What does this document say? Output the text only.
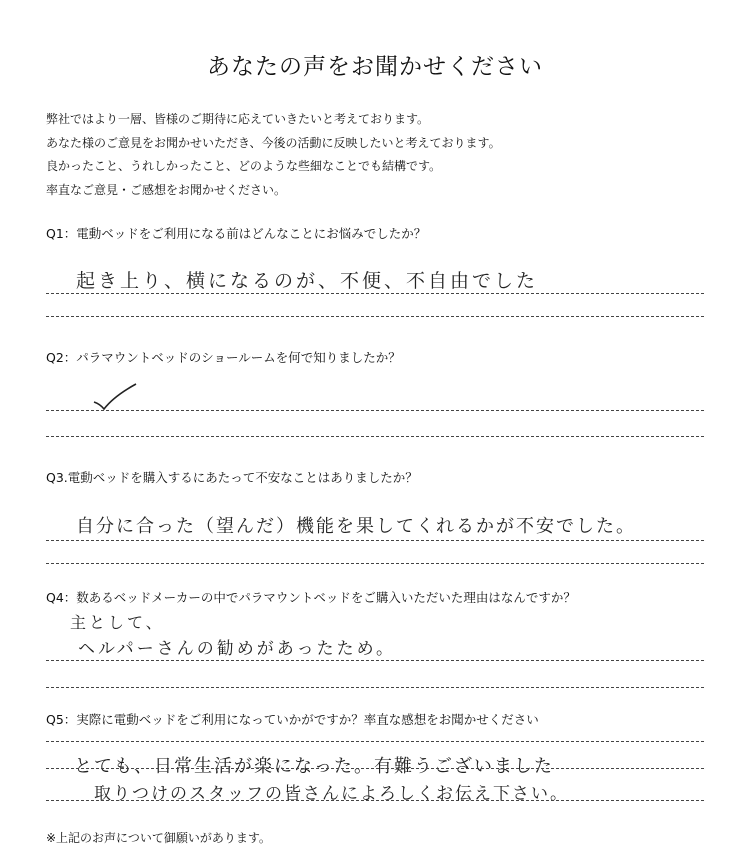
あなたの声をお聞かせください
弊社ではより一層、皆様のご期待に応えていきたいと考えております。
あなた様のご意見をお聞かせいただき、今後の活動に反映したいと考えております。
良かったこと、うれしかったこと、どのような些細なことでも結構です。
率直なご意見・ご感想をお聞かせください。
Q1：電動ベッドをご利用になる前はどんなことにお悩みでしたか？
起き上り、横になるのが、不便、不自由でした
Q2：パラマウントベッドのショールームを何で知りましたか？
Q3.電動ベッドを購入するにあたって不安なことはありましたか？
自分に合った（望んだ）機能を果してくれるかが不安でした。
Q4：数あるベッドメーカーの中でパラマウントベッドをご購入いただいた理由はなんですか？
主として、
ヘルパーさんの勧めがあったため。
Q5：実際に電動ベッドをご利用になっていかがですか？率直な感想をお聞かせください
とても、日常生活が楽になった。有難うございました
取りつけのスタッフの皆さんによろしくお伝え下さい。
※上記のお声について御願いがあります。
